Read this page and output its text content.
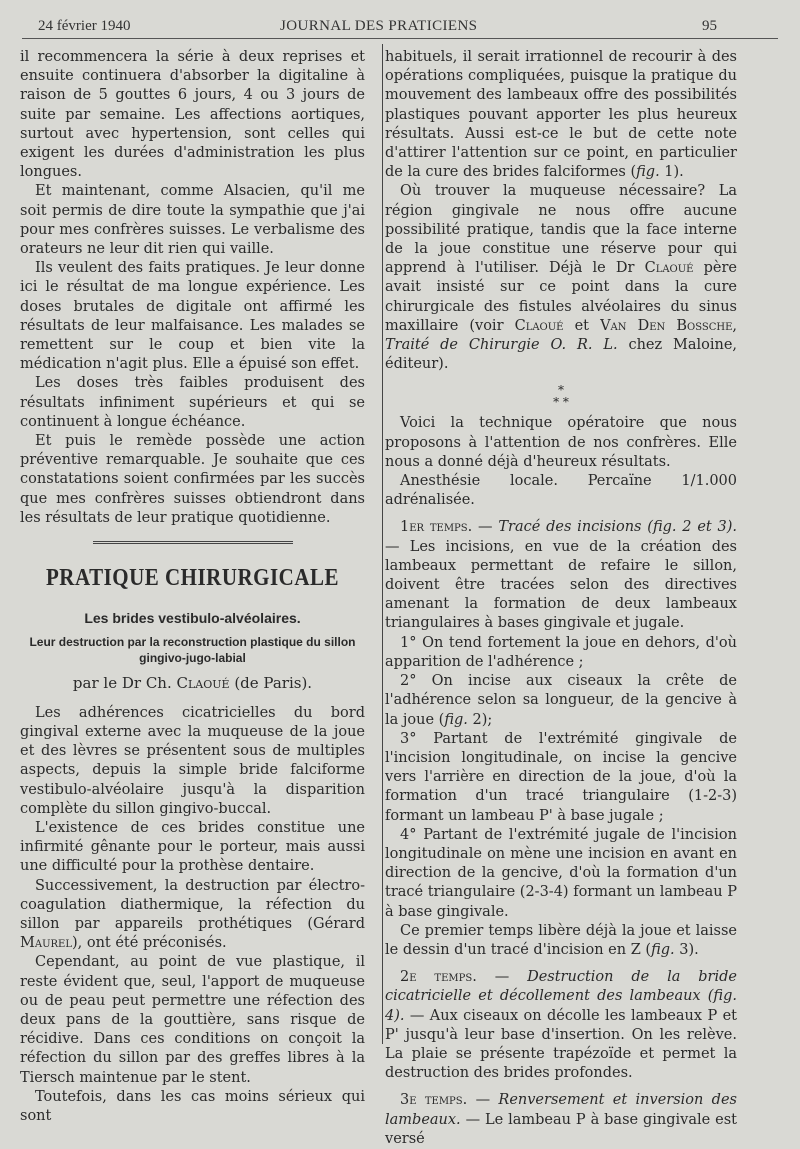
24 février 1940	JOURNAL DES PRATICIENS	95

il recommencera la série à deux reprises et ensuite continuera d'absorber la digitaline à raison de 5 gouttes 6 jours, 4 ou 3 jours de suite par semaine. Les affections aortiques, surtout avec hypertension, sont celles qui exigent les durées d'administration les plus longues.

Et maintenant, comme Alsacien, qu'il me soit permis de dire toute la sympathie que j'ai pour mes confrères suisses. Le verbalisme des orateurs ne leur dit rien qui vaille.

Ils veulent des faits pratiques. Je leur donne ici le résultat de ma longue expérience. Les doses brutales de digitale ont affirmé les résultats de leur malfaisance. Les malades se remettent sur le coup et bien vite la médication n'agit plus. Elle a épuisé son effet.

Les doses très faibles produisent des résultats infiniment supérieurs et qui se continuent à longue échéance.

Et puis le remède possède une action préventive remarquable. Je souhaite que ces constatations soient confirmées par les succès que mes confrères suisses obtiendront dans les résultats de leur pratique quotidienne.

PRATIQUE CHIRURGICALE
Les brides vestibulo-alvéolaires.
Leur destruction par la reconstruction plastique du sillon gingivo-jugo-labial
par le Dr Ch. Claoué (de Paris).

Les adhérences cicatricielles du bord gingival externe avec la muqueuse de la joue et des lèvres se présentent sous de multiples aspects, depuis la simple bride falciforme vestibulo-alvéolaire jusqu'à la disparition complète du sillon gingivo-buccal.

L'existence de ces brides constitue une infirmité gênante pour le porteur, mais aussi une difficulté pour la prothèse dentaire.

Successivement, la destruction par électro-coagulation diathermique, la réfection du sillon par appareils prothétiques (Gérard Maurel), ont été préconisés.

Cependant, au point de vue plastique, il reste évident que, seul, l'apport de muqueuse ou de peau peut permettre une réfection des deux pans de la gouttière, sans risque de récidive. Dans ces conditions on conçoit la réfection du sillon par des greffes libres à la Tiersch maintenue par le stent.

Toutefois, dans les cas moins sérieux qui sont

habituels, il serait irrationnel de recourir à des opérations compliquées, puisque la pratique du mouvement des lambeaux offre des possibilités plastiques pouvant apporter les plus heureux résultats. Aussi est-ce le but de cette note d'attirer l'attention sur ce point, en particulier de la cure des brides falciformes (fig. 1).

Où trouver la muqueuse nécessaire? La région gingivale ne nous offre aucune possibilité pratique, tandis que la face interne de la joue constitue une réserve pour qui apprend à l'utiliser. Déjà le Dr Claoué père avait insisté sur ce point dans la cure chirurgicale des fistules alvéolaires du sinus maxillaire (voir Claoué et Van Den Bossche, Traité de Chirurgie O. R. L. chez Maloine, éditeur).

*
* *

Voici la technique opératoire que nous proposons à l'attention de nos confrères. Elle nous a donné déjà d'heureux résultats.

Anesthésie locale. Percaïne 1/1.000 adrénalisée.

1er temps. — Tracé des incisions (fig. 2 et 3). — Les incisions, en vue de la création des lambeaux permettant de refaire le sillon, doivent être tracées selon des directives amenant la formation de deux lambeaux triangulaires à bases gingivale et jugale.

1° On tend fortement la joue en dehors, d'où apparition de l'adhérence ;

2° On incise aux ciseaux la crête de l'adhérence selon sa longueur, de la gencive à la joue (fig. 2);

3° Partant de l'extrémité gingivale de l'incision longitudinale, on incise la gencive vers l'arrière en direction de la joue, d'où la formation d'un tracé triangulaire (1-2-3) formant un lambeau P' à base jugale ;

4° Partant de l'extrémité jugale de l'incision longitudinale on mène une incision en avant en direction de la gencive, d'où la formation d'un tracé triangulaire (2-3-4) formant un lambeau P à base gingivale.

Ce premier temps libère déjà la joue et laisse le dessin d'un tracé d'incision en Z (fig. 3).

2e temps. — Destruction de la bride cicatricielle et décollement des lambeaux (fig. 4). — Aux ciseaux on décolle les lambeaux P et P' jusqu'à leur base d'insertion. On les relève. La plaie se présente trapézoïde et permet la destruction des brides profondes.

3e temps. — Renversement et inversion des lambeaux. — Le lambeau P à base gingivale est versé
